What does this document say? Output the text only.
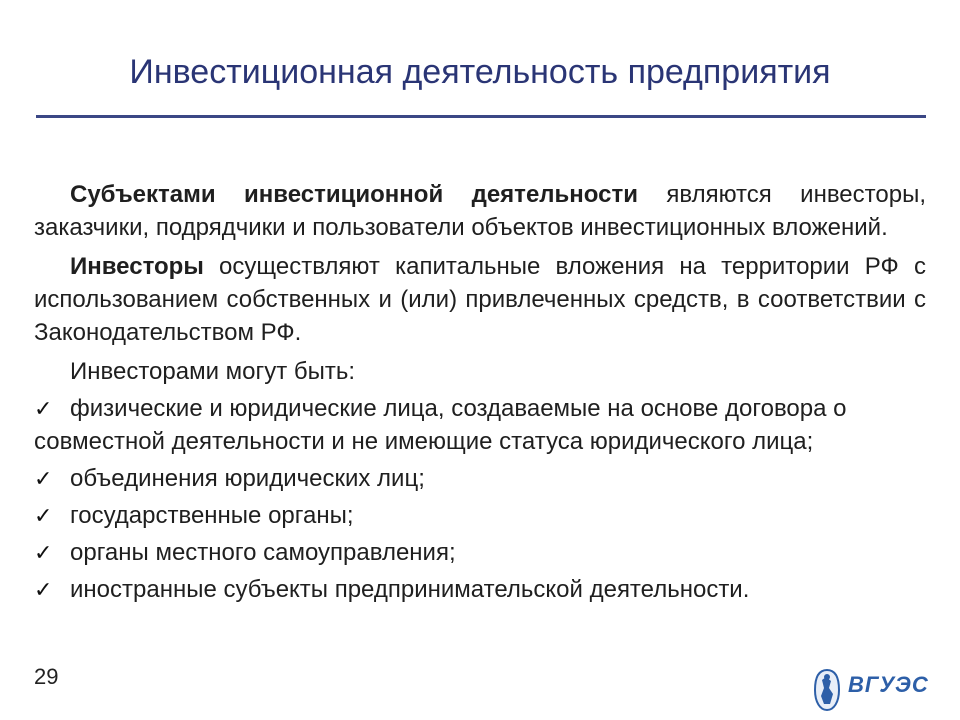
Инвестиционная деятельность предприятия

Субъектами инвестиционной деятельности являются инвесторы, заказчики, подрядчики и пользователи объектов инвестиционных вложений.

Инвесторы осуществляют капитальные вложения на территории РФ с использованием собственных и (или) привлеченных средств, в соответствии с Законодательством РФ.

Инвесторами могут быть:

✓ физические и юридические лица, создаваемые на основе договора о совместной деятельности и не имеющие статуса юридического лица;
✓ объединения юридических лиц;
✓ государственные органы;
✓ органы местного самоуправления;
✓ иностранные субъекты предпринимательской деятельности.
29	ВГУЭС
